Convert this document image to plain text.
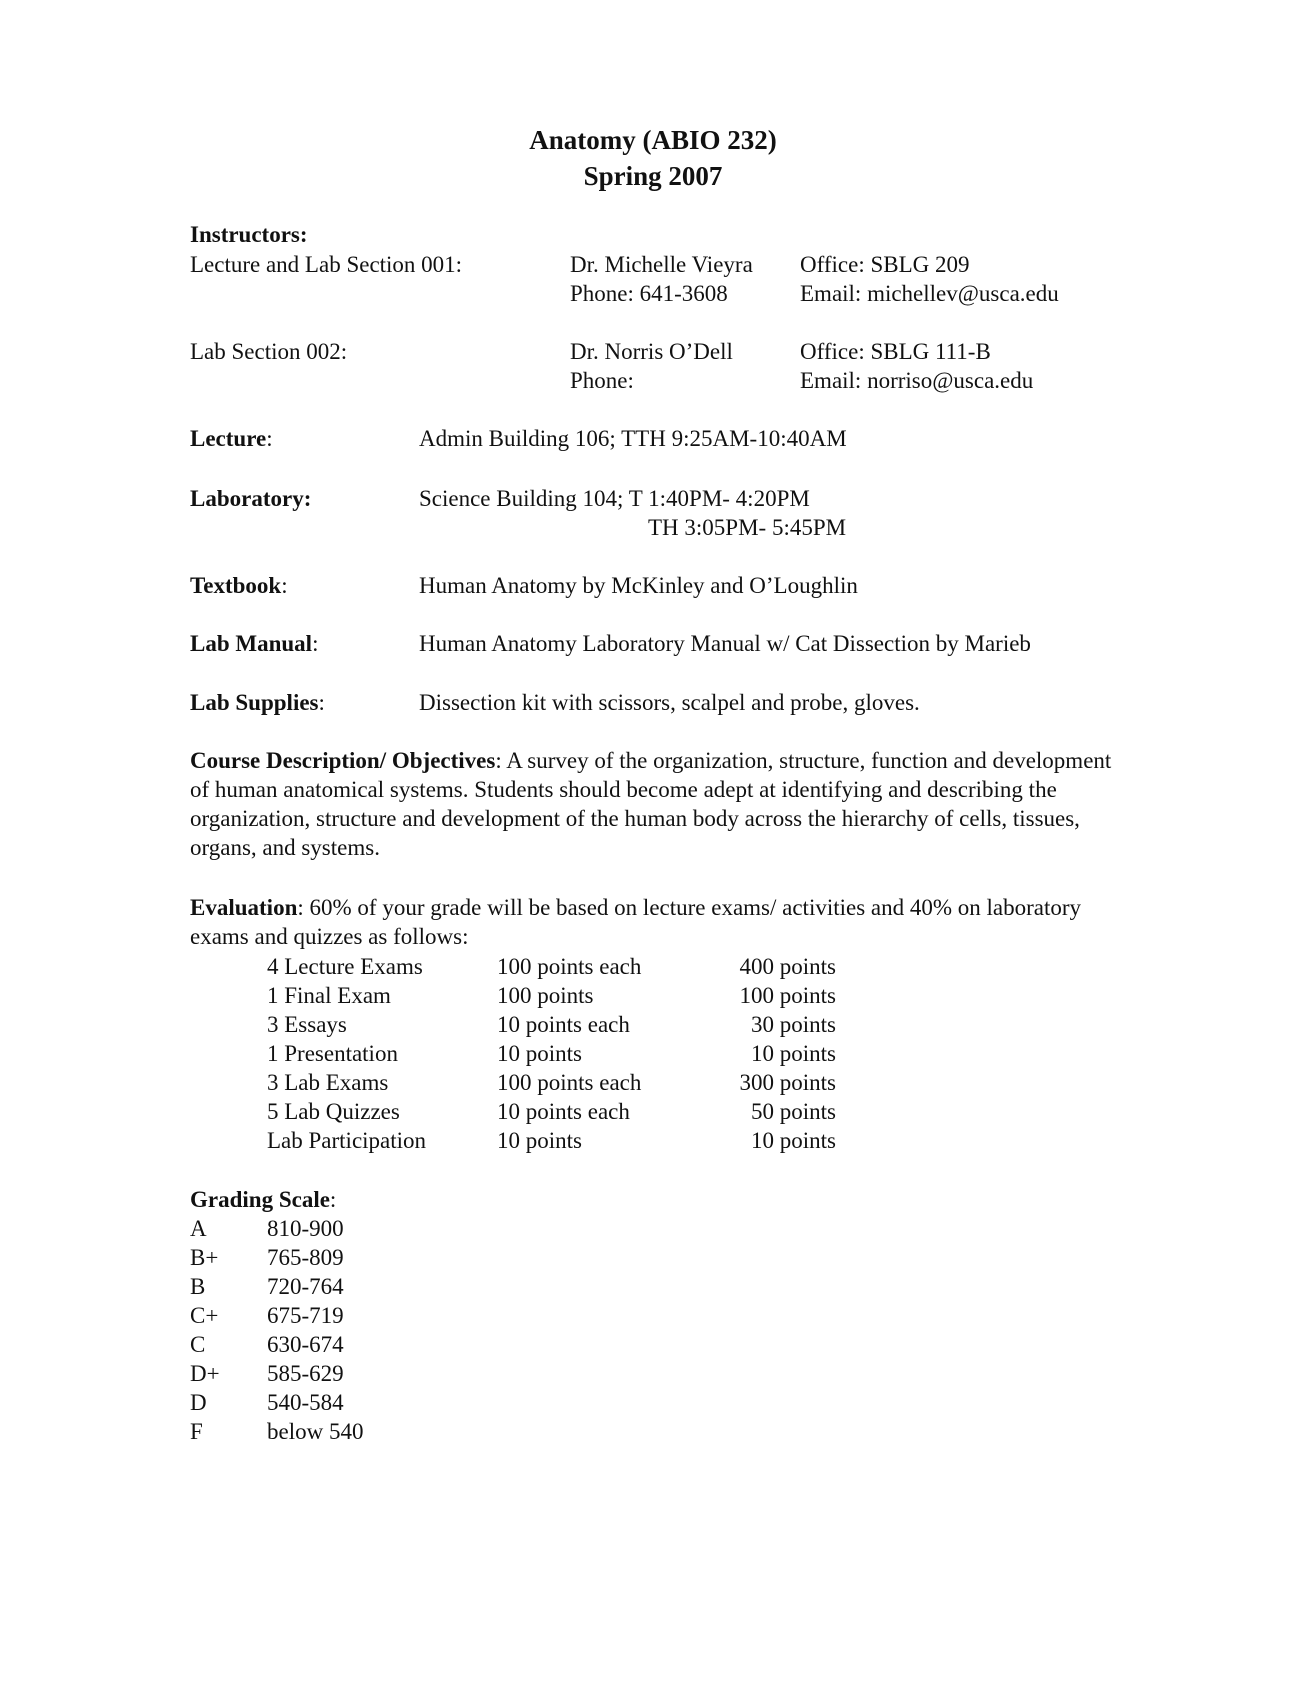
Anatomy (ABIO 232)
Spring 2007
Instructors:
Lecture and Lab Section 001:	Dr. Michelle Vieyra Office: SBLG 209
Phone: 641-3608	Email: michellev@usca.edu
Lab Section 002:	Dr. Norris O’Dell	Office: SBLG 111-B
Phone:	Email: norriso@usca.edu
Lecture:	Admin Building 106; TTH 9:25AM-10:40AM
Laboratory:	Science Building 104; T 1:40PM- 4:20PM
TH 3:05PM- 5:45PM
Textbook:	Human Anatomy by McKinley and O’Loughlin
Lab Manual:	Human Anatomy Laboratory Manual w/ Cat Dissection by Marieb
Lab Supplies:	Dissection kit with scissors, scalpel and probe, gloves.
Course Description/ Objectives: A survey of the organization, structure, function and development of human anatomical systems. Students should become adept at identifying and describing the organization, structure and development of the human body across the hierarchy of cells, tissues, organs, and systems.
Evaluation: 60% of your grade will be based on lecture exams/ activities and 40% on laboratory exams and quizzes as follows:
4 Lecture Exams	100 points each	400 points
1 Final Exam	100 points	100 points
3 Essays	10 points each	30 points
1 Presentation	10 points	10 points
3 Lab Exams	100 points each	300 points
5 Lab Quizzes	10 points each	50 points
Lab Participation	10 points	10 points
Grading Scale:
A	810-900
B+ 765-809
B	720-764
C+ 675-719
C	630-674
D+ 585-629
D	540-584
F	below 540
